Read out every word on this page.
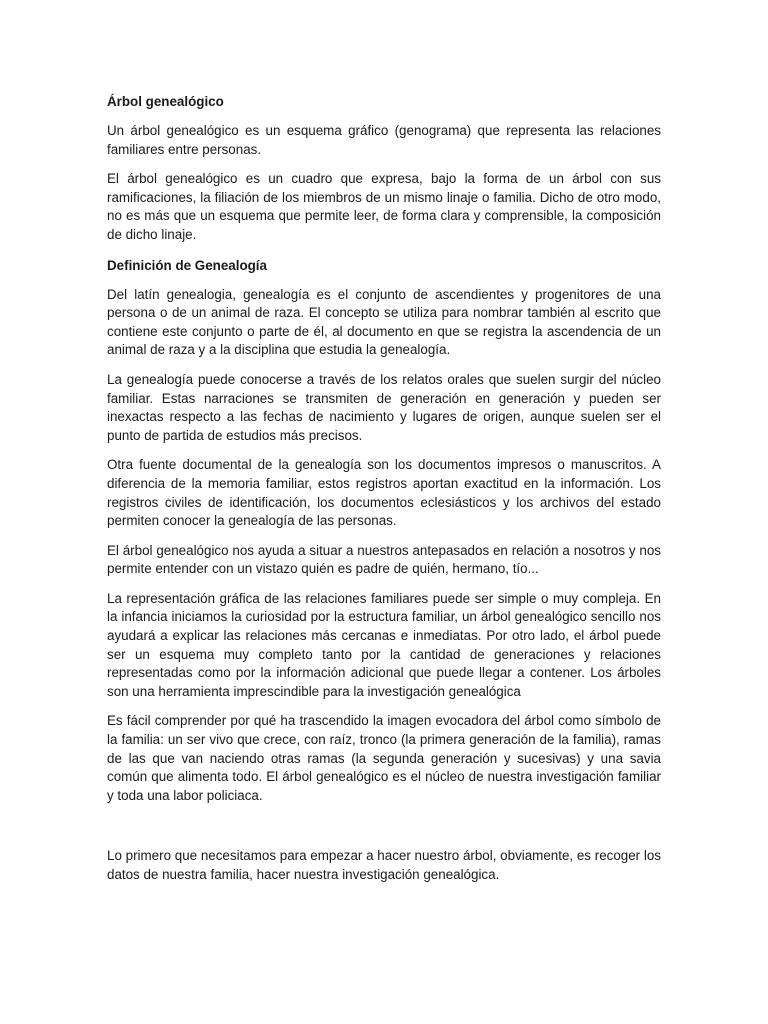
Árbol genealógico

Un árbol genealógico es un esquema gráfico (genograma) que representa las relaciones familiares entre personas.

El árbol genealógico es un cuadro que expresa, bajo la forma de un árbol con sus ramificaciones, la filiación de los miembros de un mismo linaje o familia. Dicho de otro modo, no es más que un esquema que permite leer, de forma clara y comprensible, la composición de dicho linaje.

Definición de Genealogía

Del latín genealogia, genealogía es el conjunto de ascendientes y progenitores de una persona o de un animal de raza. El concepto se utiliza para nombrar también al escrito que contiene este conjunto o parte de él, al documento en que se registra la ascendencia de un animal de raza y a la disciplina que estudia la genealogía.

La genealogía puede conocerse a través de los relatos orales que suelen surgir del núcleo familiar. Estas narraciones se transmiten de generación en generación y pueden ser inexactas respecto a las fechas de nacimiento y lugares de origen, aunque suelen ser el punto de partida de estudios más precisos.

Otra fuente documental de la genealogía son los documentos impresos o manuscritos. A diferencia de la memoria familiar, estos registros aportan exactitud en la información. Los registros civiles de identificación, los documentos eclesiásticos y los archivos del estado permiten conocer la genealogía de las personas.

El árbol genealógico nos ayuda a situar a nuestros antepasados en relación a nosotros y nos permite entender con un vistazo quién es padre de quién, hermano, tío...

La representación gráfica de las relaciones familiares puede ser simple o muy compleja. En la infancia iniciamos la curiosidad por la estructura familiar, un árbol genealógico sencillo nos ayudará a explicar las relaciones más cercanas e inmediatas. Por otro lado, el árbol puede ser un esquema muy completo tanto por la cantidad de generaciones y relaciones representadas como por la información adicional que puede llegar a contener. Los árboles son una herramienta imprescindible para la investigación genealógica

Es fácil comprender por qué ha trascendido la imagen evocadora del árbol como símbolo de la familia: un ser vivo que crece, con raíz, tronco (la primera generación de la familia), ramas de las que van naciendo otras ramas (la segunda generación y sucesivas) y una savia común que alimenta todo. El árbol genealógico es el núcleo de nuestra investigación familiar y toda una labor policiaca.

Lo primero que necesitamos para empezar a hacer nuestro árbol, obviamente, es recoger los datos de nuestra familia, hacer nuestra investigación genealógica.
